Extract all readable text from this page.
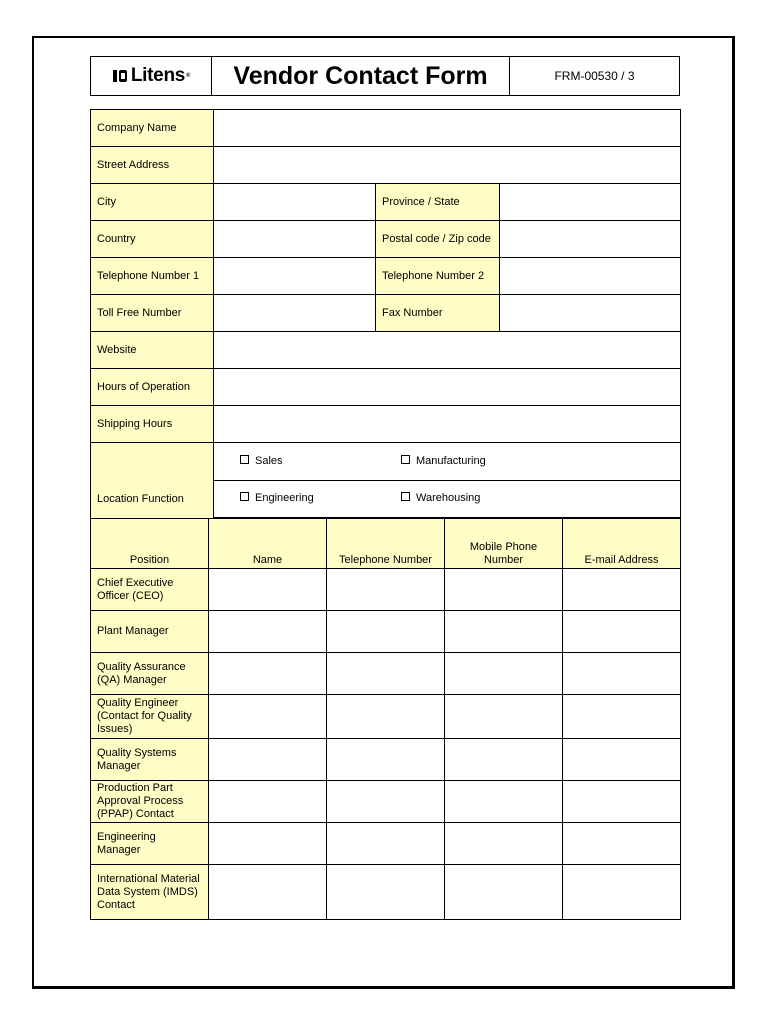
Litens ®	Vendor Contact Form	FRM-00530 / 3
Company Name	
Street Address	
City		Province / State	
Country		Postal code / Zip code	
Telephone Number 1		Telephone Number 2	
Toll Free Number		Fax Number	
Website	
Hours of Operation	
Shipping Hours	
Location Function	
Sales	Manufacturing
Engineering	Warehousing

Position	Name	Telephone Number	Mobile Phone Number	E-mail Address
Chief Executive Officer (CEO)				
Plant Manager				
Quality Assurance (QA) Manager				
Quality Engineer (Contact for Quality Issues)				
Quality Systems Manager				
Production Part Approval Process (PPAP) Contact				
Engineering Manager				
International Material Data System (IMDS) Contact				
